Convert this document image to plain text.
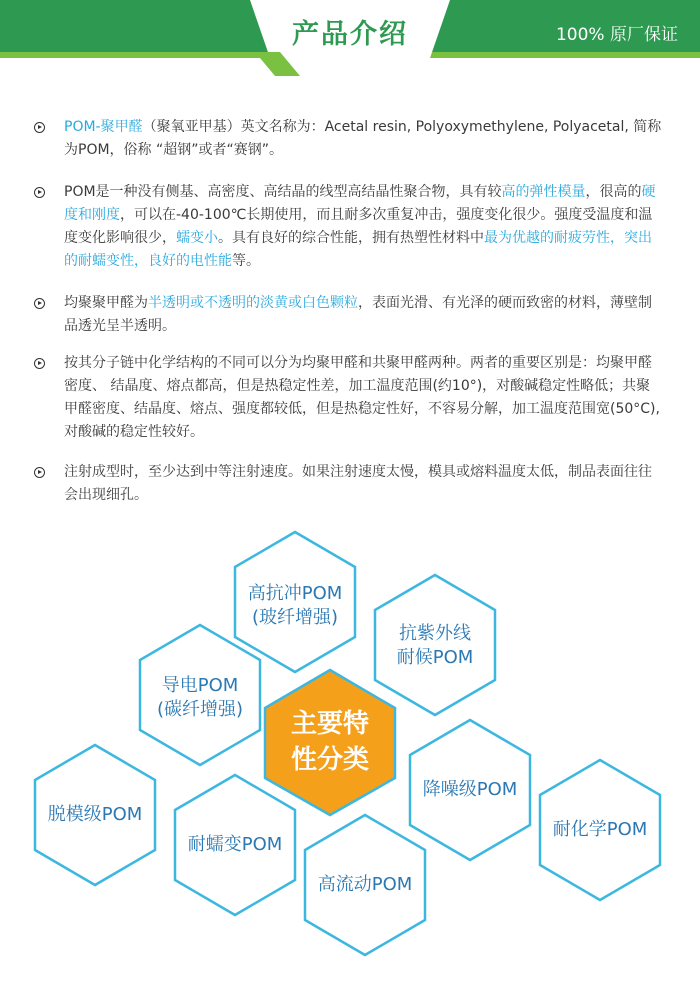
产品介绍	100% 原厂保证
POM-聚甲醛（聚氧亚甲基）英文名称为：Acetal resin, Polyoxymethylene, Polyacetal, 简称为POM，俗称 “超钢”或者“赛钢”。
POM是一种没有侧基、高密度、高结晶的线型高结晶性聚合物，具有较高的弹性模量，很高的硬度和刚度，可以在-40-100℃长期使用，而且耐多次重复冲击，强度变化很少。强度受温度和温度变化影响很少，蠕变小。具有良好的综合性能，拥有热塑性材料中最为优越的耐疲劳性，突出的耐蠕变性，良好的电性能等。
均聚聚甲醛为半透明或不透明的淡黄或白色颗粒，表面光滑、有光泽的硬而致密的材料，薄壁制品透光呈半透明。
按其分子链中化学结构的不同可以分为均聚甲醛和共聚甲醛两种。两者的重要区别是：均聚甲醛密度、 结晶度、熔点都高，但是热稳定性差，加工温度范围(约10°)，对酸碱稳定性略低；共聚甲醛密度、结晶度、熔点、强度都较低，但是热稳定性好，不容易分解，加工温度范围宽(50°C),对酸碱的稳定性较好。
注射成型时，至少达到中等注射速度。如果注射速度太慢，模具或熔料温度太低，制品表面往往会出现细孔。
高抗冲POM
(玻纤增强)
抗紫外线
耐候POM
导电POM
(碳纤增强)
脱模级POM
降噪级POM
耐化学POM
耐蠕变POM
高流动POM
主要特
性分类
